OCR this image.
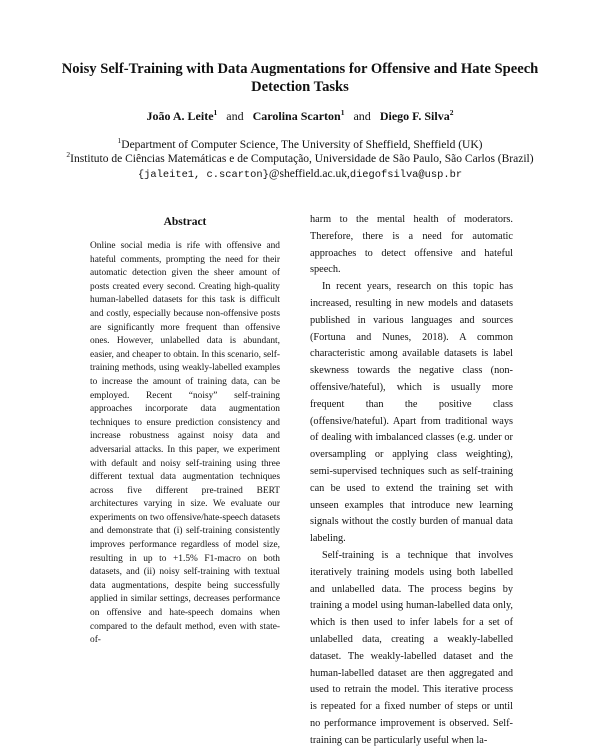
Noisy Self-Training with Data Augmentations for Offensive and Hate Speech Detection Tasks
João A. Leite$^1$ and Carolina Scarton$^1$ and Diego F. Silva$^2$
$^1$Department of Computer Science, The University of Sheffield, Sheffield (UK)
$^2$Instituto de Ciências Matemáticas e de Computação, Universidade de São Paulo, São Carlos (Brazil)
{jaleite1, c.scarton}@sheffield.ac.uk,diegofsilva@usp.br
Abstract
Online social media is rife with offensive and hateful comments, prompting the need for their automatic detection given the sheer amount of posts created every second. Creating high-quality human-labelled datasets for this task is difficult and costly, especially because non-offensive posts are significantly more frequent than offensive ones. However, unlabelled data is abundant, easier, and cheaper to obtain. In this scenario, self-training methods, using weakly-labelled examples to increase the amount of training data, can be employed. Recent “noisy” self-training approaches incorporate data augmentation techniques to ensure prediction consistency and increase robustness against noisy data and adversarial attacks. In this paper, we experiment with default and noisy self-training using three different textual data augmentation techniques across five different pre-trained BERT architectures varying in size. We evaluate our experiments on two offensive/hate-speech datasets and demonstrate that (i) self-training consistently improves performance regardless of model size, resulting in up to +1.5% F1-macro on both datasets, and (ii) noisy self-training with textual data augmentations, despite being successfully applied in similar settings, decreases performance on offensive and hate-speech domains when compared to the default method, even with state-of-

harm to the mental health of moderators. Therefore, there is a need for automatic approaches to detect offensive and hateful speech.

In recent years, research on this topic has increased, resulting in new models and datasets published in various languages and sources (Fortuna and Nunes, 2018). A common characteristic among available datasets is label skewness towards the negative class (non-offensive/hateful), which is usually more frequent than the positive class (offensive/hateful). Apart from traditional ways of dealing with imbalanced classes (e.g. under or oversampling or applying class weighting), semi-supervised techniques such as self-training can be used to extend the training set with unseen examples that introduce new learning signals without the costly burden of manual data labeling.

Self-training is a technique that involves iteratively training models using both labelled and unlabelled data. The process begins by training a model using human-labelled data only, which is then used to infer labels for a set of unlabelled data, creating a weakly-labelled dataset. The weakly-labelled dataset and the human-labelled dataset are then aggregated and used to retrain the model. This iterative process is repeated for a fixed number of steps or until no performance improvement is observed. Self-training can be particularly useful when la-
